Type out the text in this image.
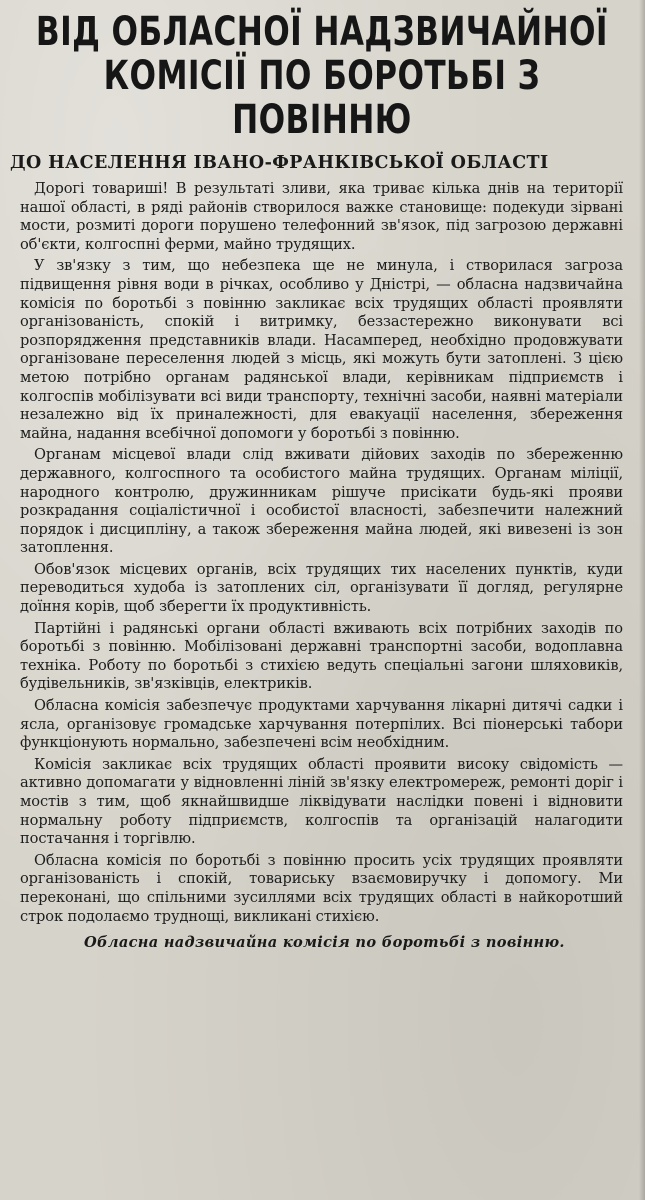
ВІД ОБЛАСНОЇ НАДЗВИЧАЙНОЇ
КОМІСІЇ ПО БОРОТЬБІ З ПОВІННЮ
ДО НАСЕЛЕННЯ ІВАНО-ФРАНКІВСЬКОЇ ОБЛАСТІ

Дорогі товариші! В результаті зливи, яка триває кілька днів на території нашої області, в ряді районів створилося важке становище: подекуди зірвані мости, розмиті дороги порушено телефонний зв'язок, під загрозою державні об'єкти, колгоспні ферми, майно трудящих.

У зв'язку з тим, що небезпека ще не минула, і створилася загроза підвищення рівня води в річках, особливо у Дністрі, — обласна надзвичайна комісія по боротьбі з повінню закликає всіх трудящих області проявляти організованість, спокій і витримку, беззастережно виконувати всі розпорядження представників влади. Насамперед, необхідно продовжувати організоване переселення людей з місць, які можуть бути затоплені. З цією метою потрібно органам радянської влади, керівникам підприємств і колгоспів мобілізувати всі види транспорту, технічні засоби, наявні матеріали незалежно від їх приналежності, для евакуації населення, збереження майна, надання всебічної допомоги у боротьбі з повінню.

Органам місцевої влади слід вживати дійових заходів по збереженню державного, колгоспного та особистого майна трудящих. Органам міліції, народного контролю, дружинникам рішуче присікати будь-які прояви розкрадання соціалістичної і особистої власності, забезпечити належний порядок і дисципліну, а також збереження майна людей, які вивезені із зон затоплення.

Обов'язок місцевих органів, всіх трудящих тих населених пунктів, куди переводиться худоба із затоплених сіл, організувати її догляд, регулярне доїння корів, щоб зберегти їх продуктивність.

Партійні і радянські органи області вживають всіх потрібних заходів по боротьбі з повінню. Мобілізовані державні транспортні засоби, водоплавна техніка. Роботу по боротьбі з стихією ведуть спеціальні загони шляховиків, будівельників, зв'язківців, електриків.

Обласна комісія забезпечує продуктами харчування лікарні дитячі садки і ясла, організовує громадське харчування потерпілих. Всі піонерські табори функціонують нормально, забезпечені всім необхідним.

Комісія закликає всіх трудящих області проявити високу свідомість — активно допомагати у відновленні ліній зв'язку електромереж, ремонті доріг і мостів з тим, щоб якнайшвидше ліквідувати наслідки повені і відновити нормальну роботу підприємств, колгоспів та організацій налагодити постачання і торгівлю.

Обласна комісія по боротьбі з повінню просить усіх трудящих проявляти організованість і спокій, товариську взаємовиручку і допомогу. Ми переконані, що спільними зусиллями всіх трудящих області в найкоротший строк подолаємо труднощі, викликані стихією.

Обласна надзвичайна комісія по боротьбі з повінню.
